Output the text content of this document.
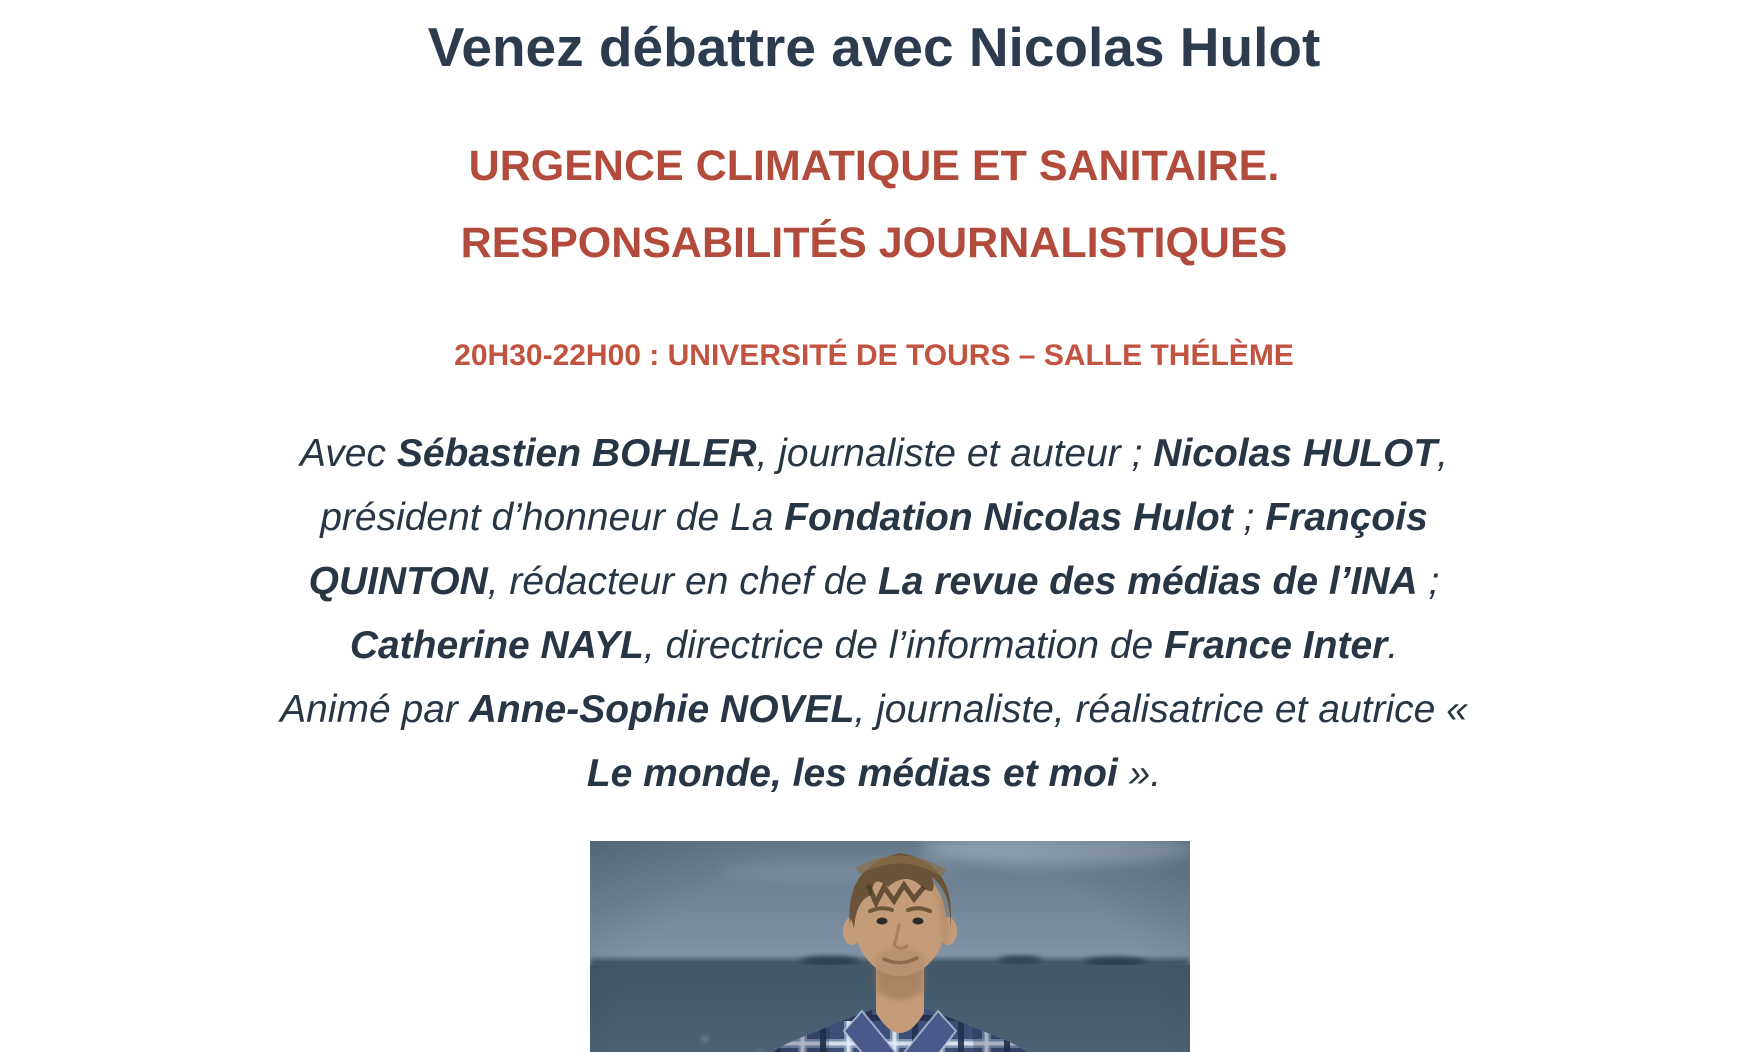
Venez débattre avec Nicolas Hulot
URGENCE CLIMATIQUE ET SANITAIRE.
RESPONSABILITÉS JOURNALISTIQUES
20H30-22H00 : UNIVERSITÉ DE TOURS – SALLE THÉLÈME
Avec Sébastien BOHLER, journaliste et auteur ; Nicolas HULOT,
président d’honneur de La Fondation Nicolas Hulot ; François
QUINTON, rédacteur en chef de La revue des médias de l’INA ;
Catherine NAYL, directrice de l’information de France Inter.
Animé par Anne-Sophie NOVEL, journaliste, réalisatrice et autrice «
Le monde, les médias et moi ».
